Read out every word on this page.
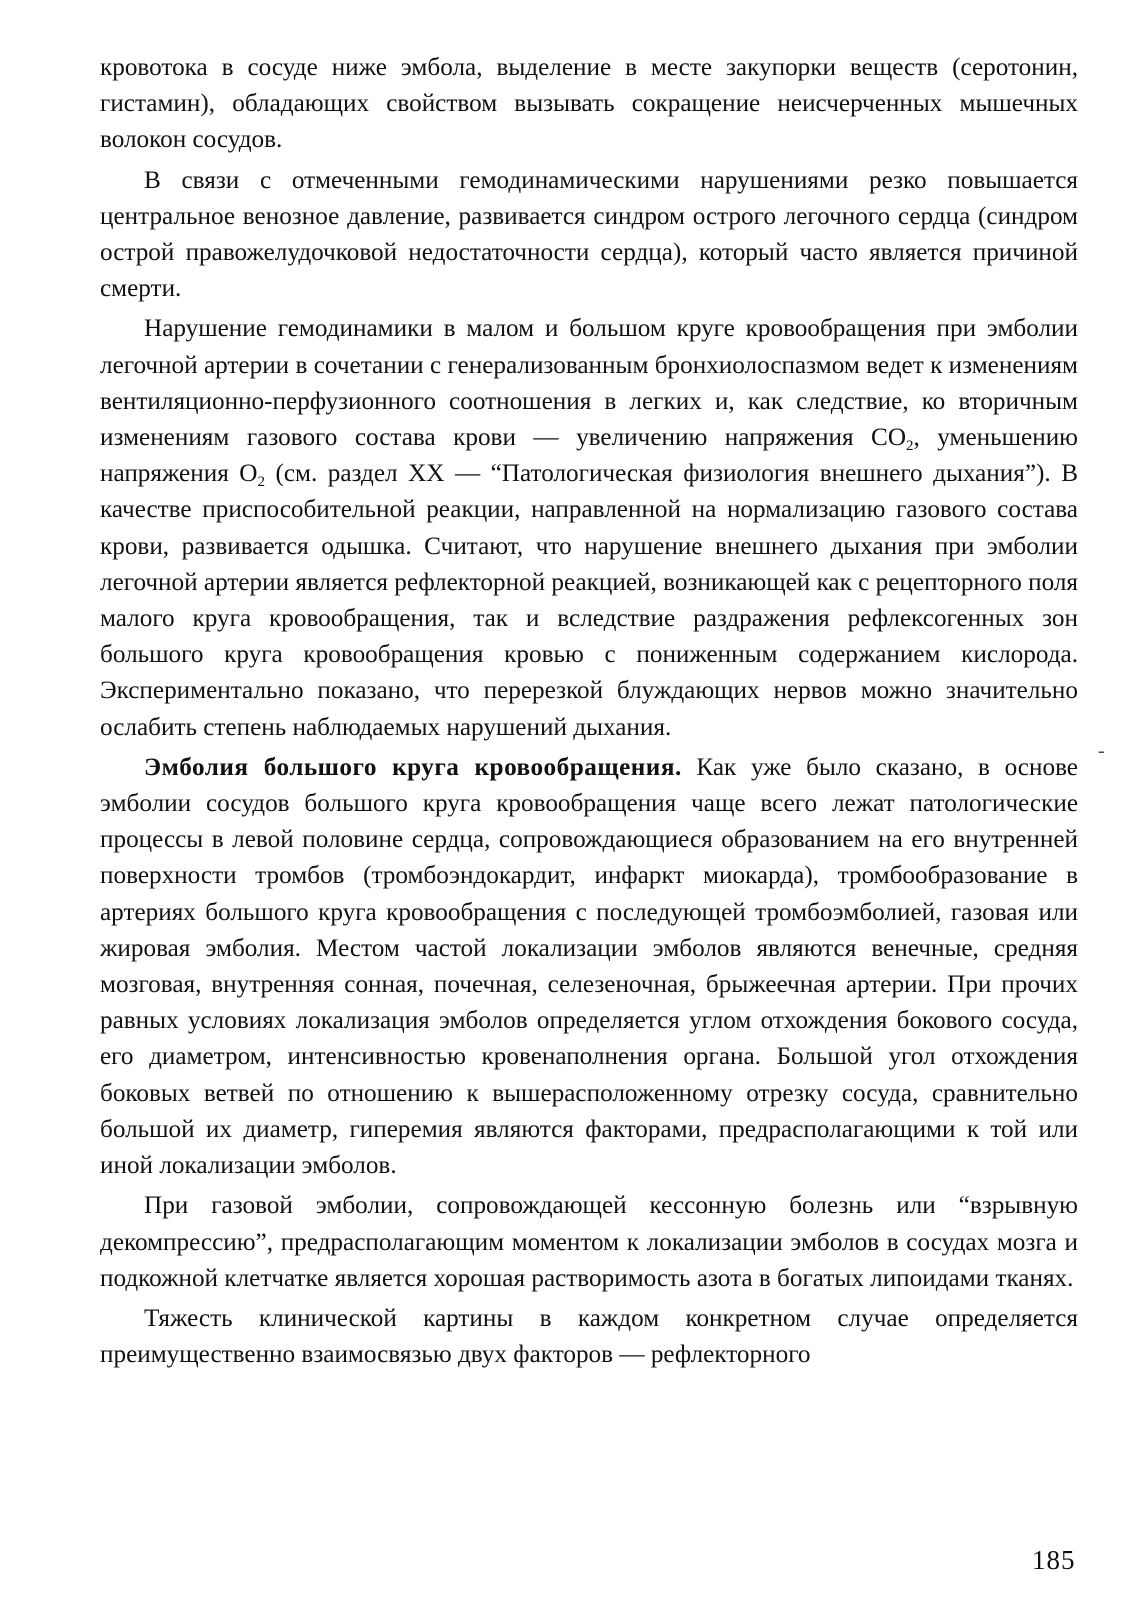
кровотока в сосуде ниже эмбола, выделение в месте закупорки веществ (серотонин, гистамин), обладающих свойством вызывать сокращение неисчерченных мышечных волокон сосудов.

В связи с отмеченными гемодинамическими нарушениями резко повышается центральное венозное давление, развивается синдром острого легочного сердца (синдром острой правожелудочковой недостаточности сердца), который часто является причиной смерти.

Нарушение гемодинамики в малом и большом круге кровообращения при эмболии легочной артерии в сочетании с генерализованным бронхиолоспазмом ведет к изменениям вентиляционно-перфузионного соотношения в легких и, как следствие, ко вторичным изменениям газового состава крови — увеличению напряжения $CO_2$, уменьшению напряжения $O_2$ (см. раздел XX — “Патологическая физиология внешнего дыхания”). В качестве приспособительной реакции, направленной на нормализацию газового состава крови, развивается одышка. Считают, что нарушение внешнего дыхания при эмболии легочной артерии является рефлекторной реакцией, возникающей как с рецепторного поля малого круга кровообращения, так и вследствие раздражения рефлексогенных зон большого круга кровообращения кровью с пониженным содержанием кислорода. Экспериментально показано, что перерезкой блуждающих нервов можно значительно ослабить степень наблюдаемых нарушений дыхания.

Эмболия большого круга кровообращения. Как уже было сказано, в основе эмболии сосудов большого круга кровообращения чаще всего лежат патологические процессы в левой половине сердца, сопровождающиеся образованием на его внутренней поверхности тромбов (тромбоэндокардит, инфаркт миокарда), тромбообразование в артериях большого круга кровообращения с последующей тромбоэмболией, газовая или жировая эмболия. Местом частой локализации эмболов являются венечные, средняя мозговая, внутренняя сонная, почечная, селезеночная, брыжеечная артерии. При прочих равных условиях локализация эмболов определяется углом отхождения бокового сосуда, его диаметром, интенсивностью кровенаполнения органа. Большой угол отхождения боковых ветвей по отношению к вышерасположенному отрезку сосуда, сравнительно большой их диаметр, гиперемия являются факторами, предрасполагающими к той или иной локализации эмболов.

При газовой эмболии, сопровождающей кессонную болезнь или “взрывную декомпрессию”, предрасполагающим моментом к локализации эмболов в сосудах мозга и подкожной клетчатке является хорошая растворимость азота в богатых липоидами тканях.

Тяжесть клинической картины в каждом конкретном случае определяется преимущественно взаимосвязью двух факторов — рефлекторного

-
185
